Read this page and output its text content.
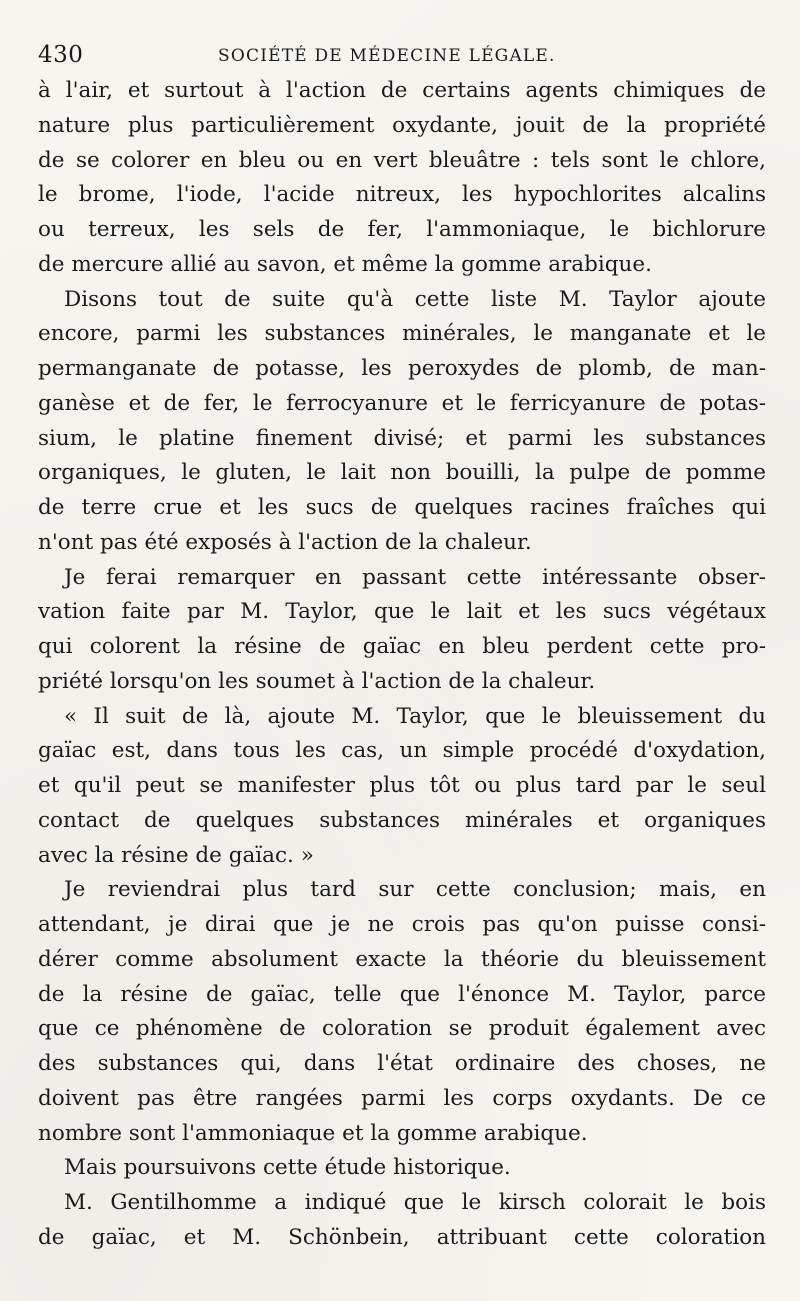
430	SOCIÉTÉ DE MÉDECINE LÉGALE.
à l'air, et surtout à l'action de certains agents chimiques de
nature plus particulièrement oxydante, jouit de la propriété
de se colorer en bleu ou en vert bleuâtre : tels sont le chlore,
le brome, l'iode, l'acide nitreux, les hypochlorites alcalins
ou terreux, les sels de fer, l'ammoniaque, le bichlorure
de mercure allié au savon, et même la gomme arabique.
Disons tout de suite qu'à cette liste M. Taylor ajoute
encore, parmi les substances minérales, le manganate et le
permanganate de potasse, les peroxydes de plomb, de man-
ganèse et de fer, le ferrocyanure et le ferricyanure de potas-
sium, le platine finement divisé; et parmi les substances
organiques, le gluten, le lait non bouilli, la pulpe de pomme
de terre crue et les sucs de quelques racines fraîches qui
n'ont pas été exposés à l'action de la chaleur.
Je ferai remarquer en passant cette intéressante obser-
vation faite par M. Taylor, que le lait et les sucs végétaux
qui colorent la résine de gaïac en bleu perdent cette pro-
priété lorsqu'on les soumet à l'action de la chaleur.
« Il suit de là, ajoute M. Taylor, que le bleuissement du
gaïac est, dans tous les cas, un simple procédé d'oxydation,
et qu'il peut se manifester plus tôt ou plus tard par le seul
contact de quelques substances minérales et organiques
avec la résine de gaïac. »
Je reviendrai plus tard sur cette conclusion; mais, en
attendant, je dirai que je ne crois pas qu'on puisse consi-
dérer comme absolument exacte la théorie du bleuissement
de la résine de gaïac, telle que l'énonce M. Taylor, parce
que ce phénomène de coloration se produit également avec
des substances qui, dans l'état ordinaire des choses, ne
doivent pas être rangées parmi les corps oxydants. De ce
nombre sont l'ammoniaque et la gomme arabique.
Mais poursuivons cette étude historique.
M. Gentilhomme a indiqué que le kirsch colorait le bois
de gaïac, et M. Schönbein, attribuant cette coloration
